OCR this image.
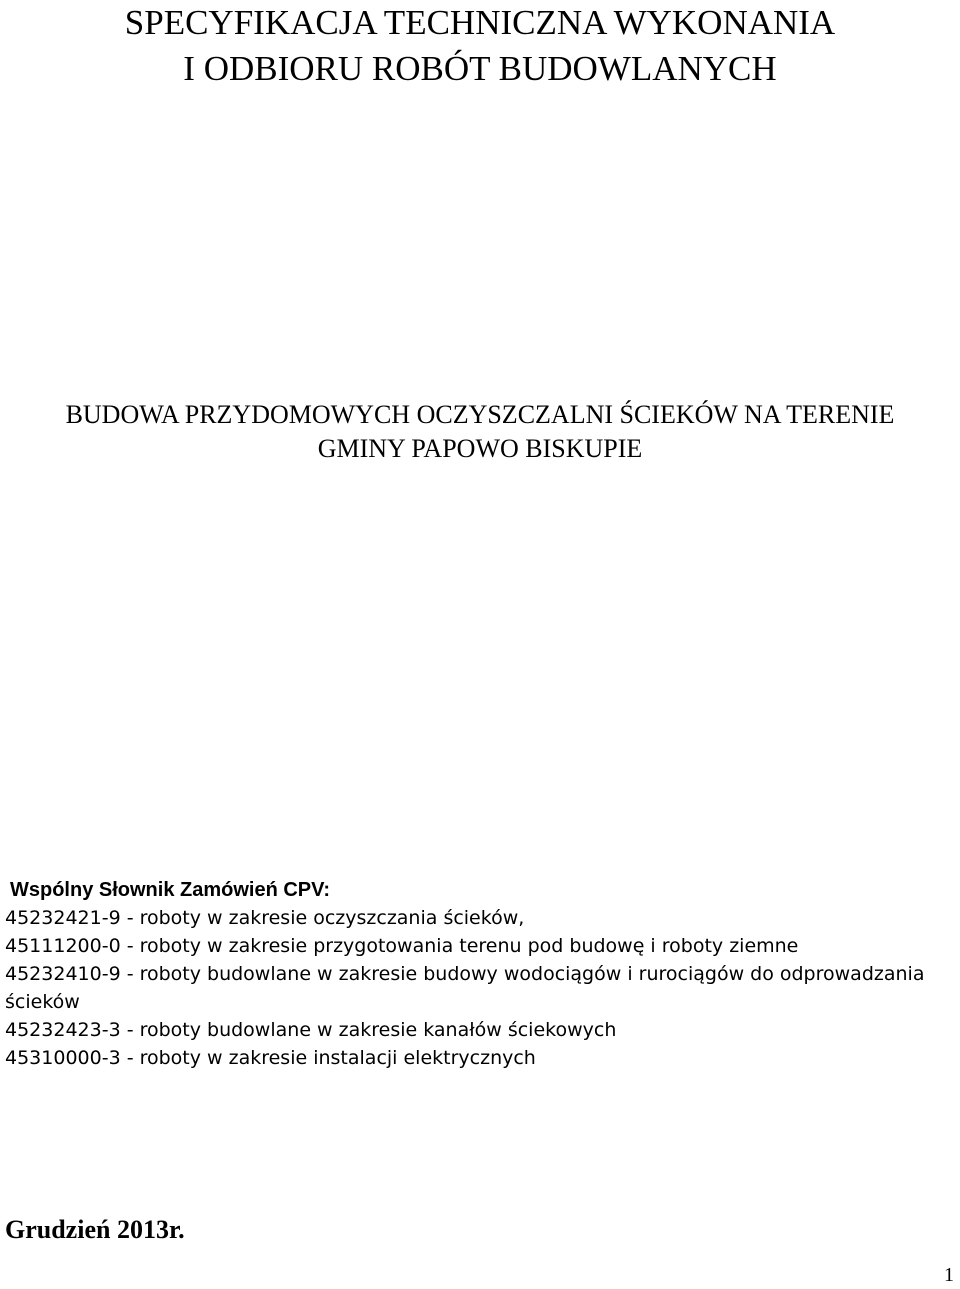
SPECYFIKACJA TECHNICZNA WYKONANIA
I ODBIORU ROBÓT BUDOWLANYCH
BUDOWA PRZYDOMOWYCH OCZYSZCZALNI ŚCIEKÓW NA TERENIE
GMINY PAPOWO BISKUPIE
Wspólny Słownik Zamówień CPV:
45232421-9 - roboty w zakresie oczyszczania ścieków,
45111200-0 - roboty w zakresie przygotowania terenu pod budowę i roboty ziemne
45232410-9 - roboty budowlane w zakresie budowy wodociągów i rurociągów do odprowadzania
ścieków
45232423-3 - roboty budowlane w zakresie kanałów ściekowych
45310000-3 - roboty w zakresie instalacji elektrycznych
Grudzień 2013r.
1
